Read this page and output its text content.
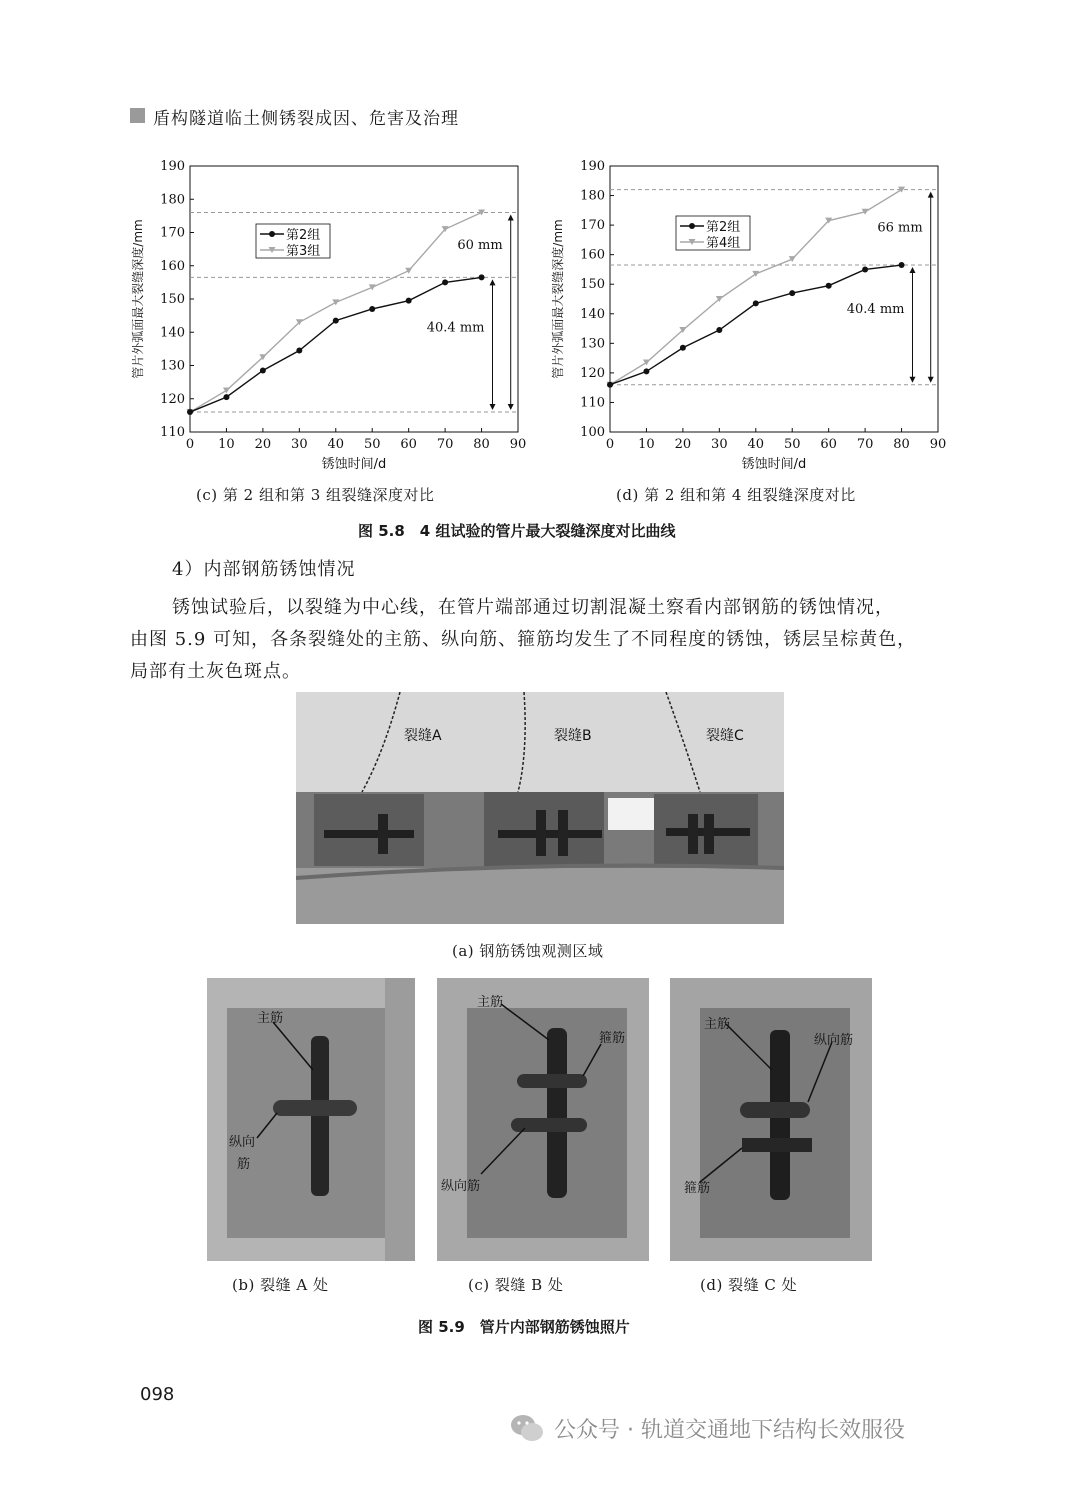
盾构隧道临土侧锈裂成因、危害及治理
0 10 20 30 40 50 60 70 80 90
110
120
130
140
150
160
170
180
190
锈蚀时间/d
管片外弧面最大裂缝深度/mm	60 mm
40.4 mm
第2组
第3组
0 10 20 30 40 50 60 70 80 90
100
110
120
130
140
150
160
170
180
190
锈蚀时间/d
管片外弧面最大裂缝深度/mm	66 mm
40.4 mm
第2组
第4组
(c) 第 2 组和第 3 组裂缝深度对比	(d) 第 2 组和第 4 组裂缝深度对比
图 5.8　4 组试验的管片最大裂缝深度对比曲线
4）内部钢筋锈蚀情况
锈蚀试验后，以裂缝为中心线，在管片端部通过切割混凝土察看内部钢筋的锈蚀情况，
由图 5.9 可知，各条裂缝处的主筋、纵向筋、箍筋均发生了不同程度的锈蚀，锈层呈棕黄色，
局部有土灰色斑点。
裂缝A	裂缝B	裂缝C
(a) 钢筋锈蚀观测区域
主筋
纵向
筋
主筋
箍筋
纵向筋
主筋
纵向筋
箍筋
(b) 裂缝 A 处	(c) 裂缝 B 处	(d) 裂缝 C 处
图 5.9　管片内部钢筋锈蚀照片
098
公众号 · 轨道交通地下结构长效服役
